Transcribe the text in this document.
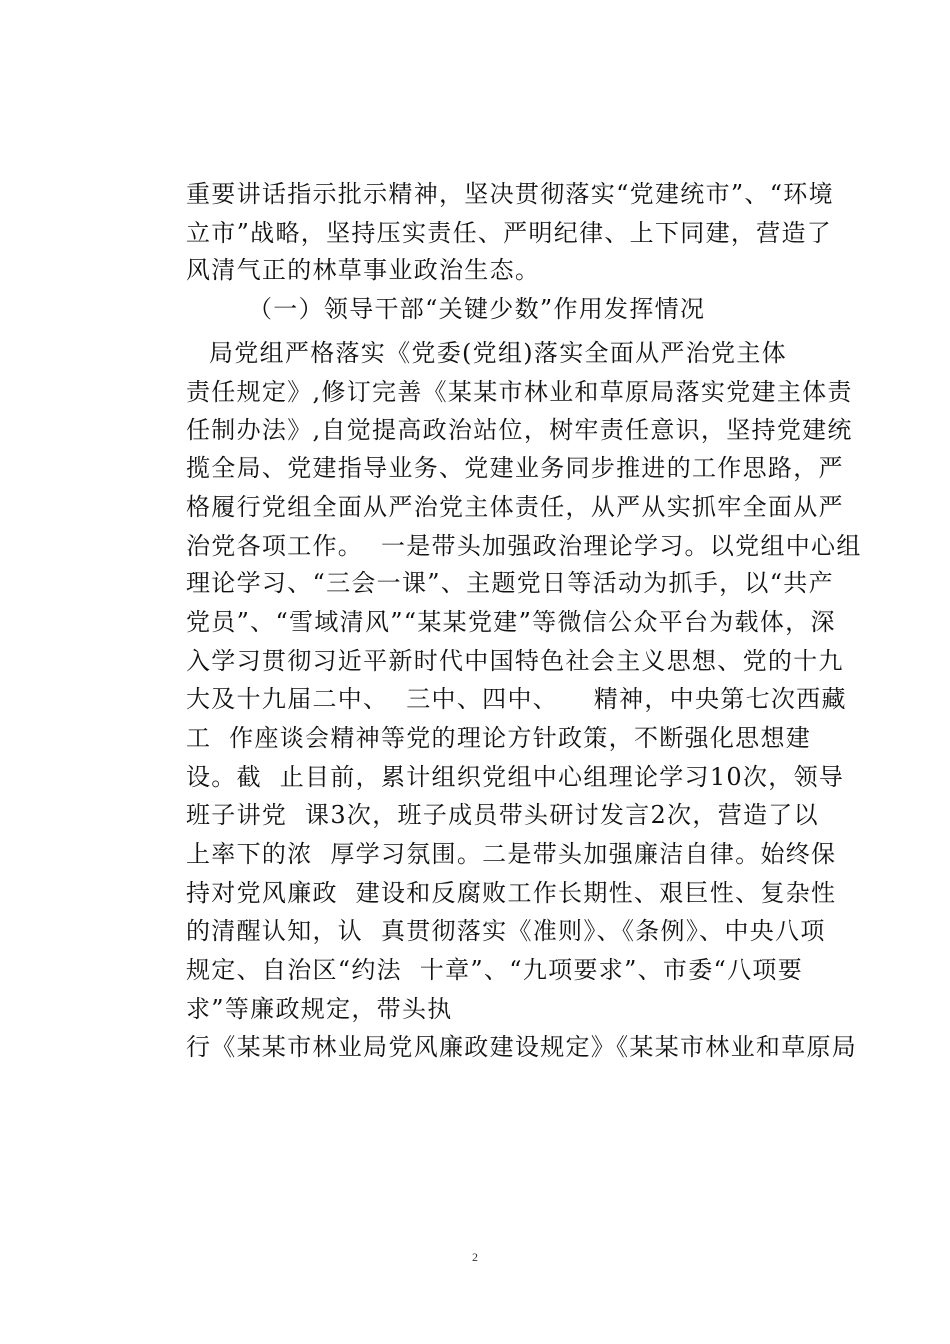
重要讲话指示批示精神，坚决贯彻落实“党建统市”、“环境
立市”战略，坚持压实责任、严明纪律、上下同建，营造了
风清气正的林草事业政治生态。
（一）领导干部“关键少数”作用发挥情况
局党组严格落实《党委(党组)落实全面从严治党主体
责任规定》,修订完善《某某市林业和草原局落实党建主体责
任制办法》,自觉提高政治站位，树牢责任意识，坚持党建统
揽全局、党建指导业务、党建业务同步推进的工作思路，严
格履行党组全面从严治党主体责任，从严从实抓牢全面从严
治党各项工作。  一是带头加强政治理论学习。以党组中心组
理论学习、“三会一课”、主题党日等活动为抓手，以“共产
党员”、“雪域清风”“某某党建”等微信公众平台为载体，深
入学习贯彻习近平新时代中国特色社会主义思想、党的十九
大及十九届二中、  三中、四中、    精神，中央第七次西藏
工  作座谈会精神等党的理论方针政策，不断强化思想建
设。截  止目前，累计组织党组中心组理论学习10次，领导
班子讲党  课3次，班子成员带头研讨发言2次，营造了以
上率下的浓  厚学习氛围。二是带头加强廉洁自律。始终保
持对党风廉政  建设和反腐败工作长期性、艰巨性、复杂性
的清醒认知，认  真贯彻落实《准则》、《条例》、中央八项
规定、自治区“约法  十章”、“九项要求”、市委“八项要
求”等廉政规定，带头执
行《某某市林业局党风廉政建设规定》《某某市林业和草原局
2
